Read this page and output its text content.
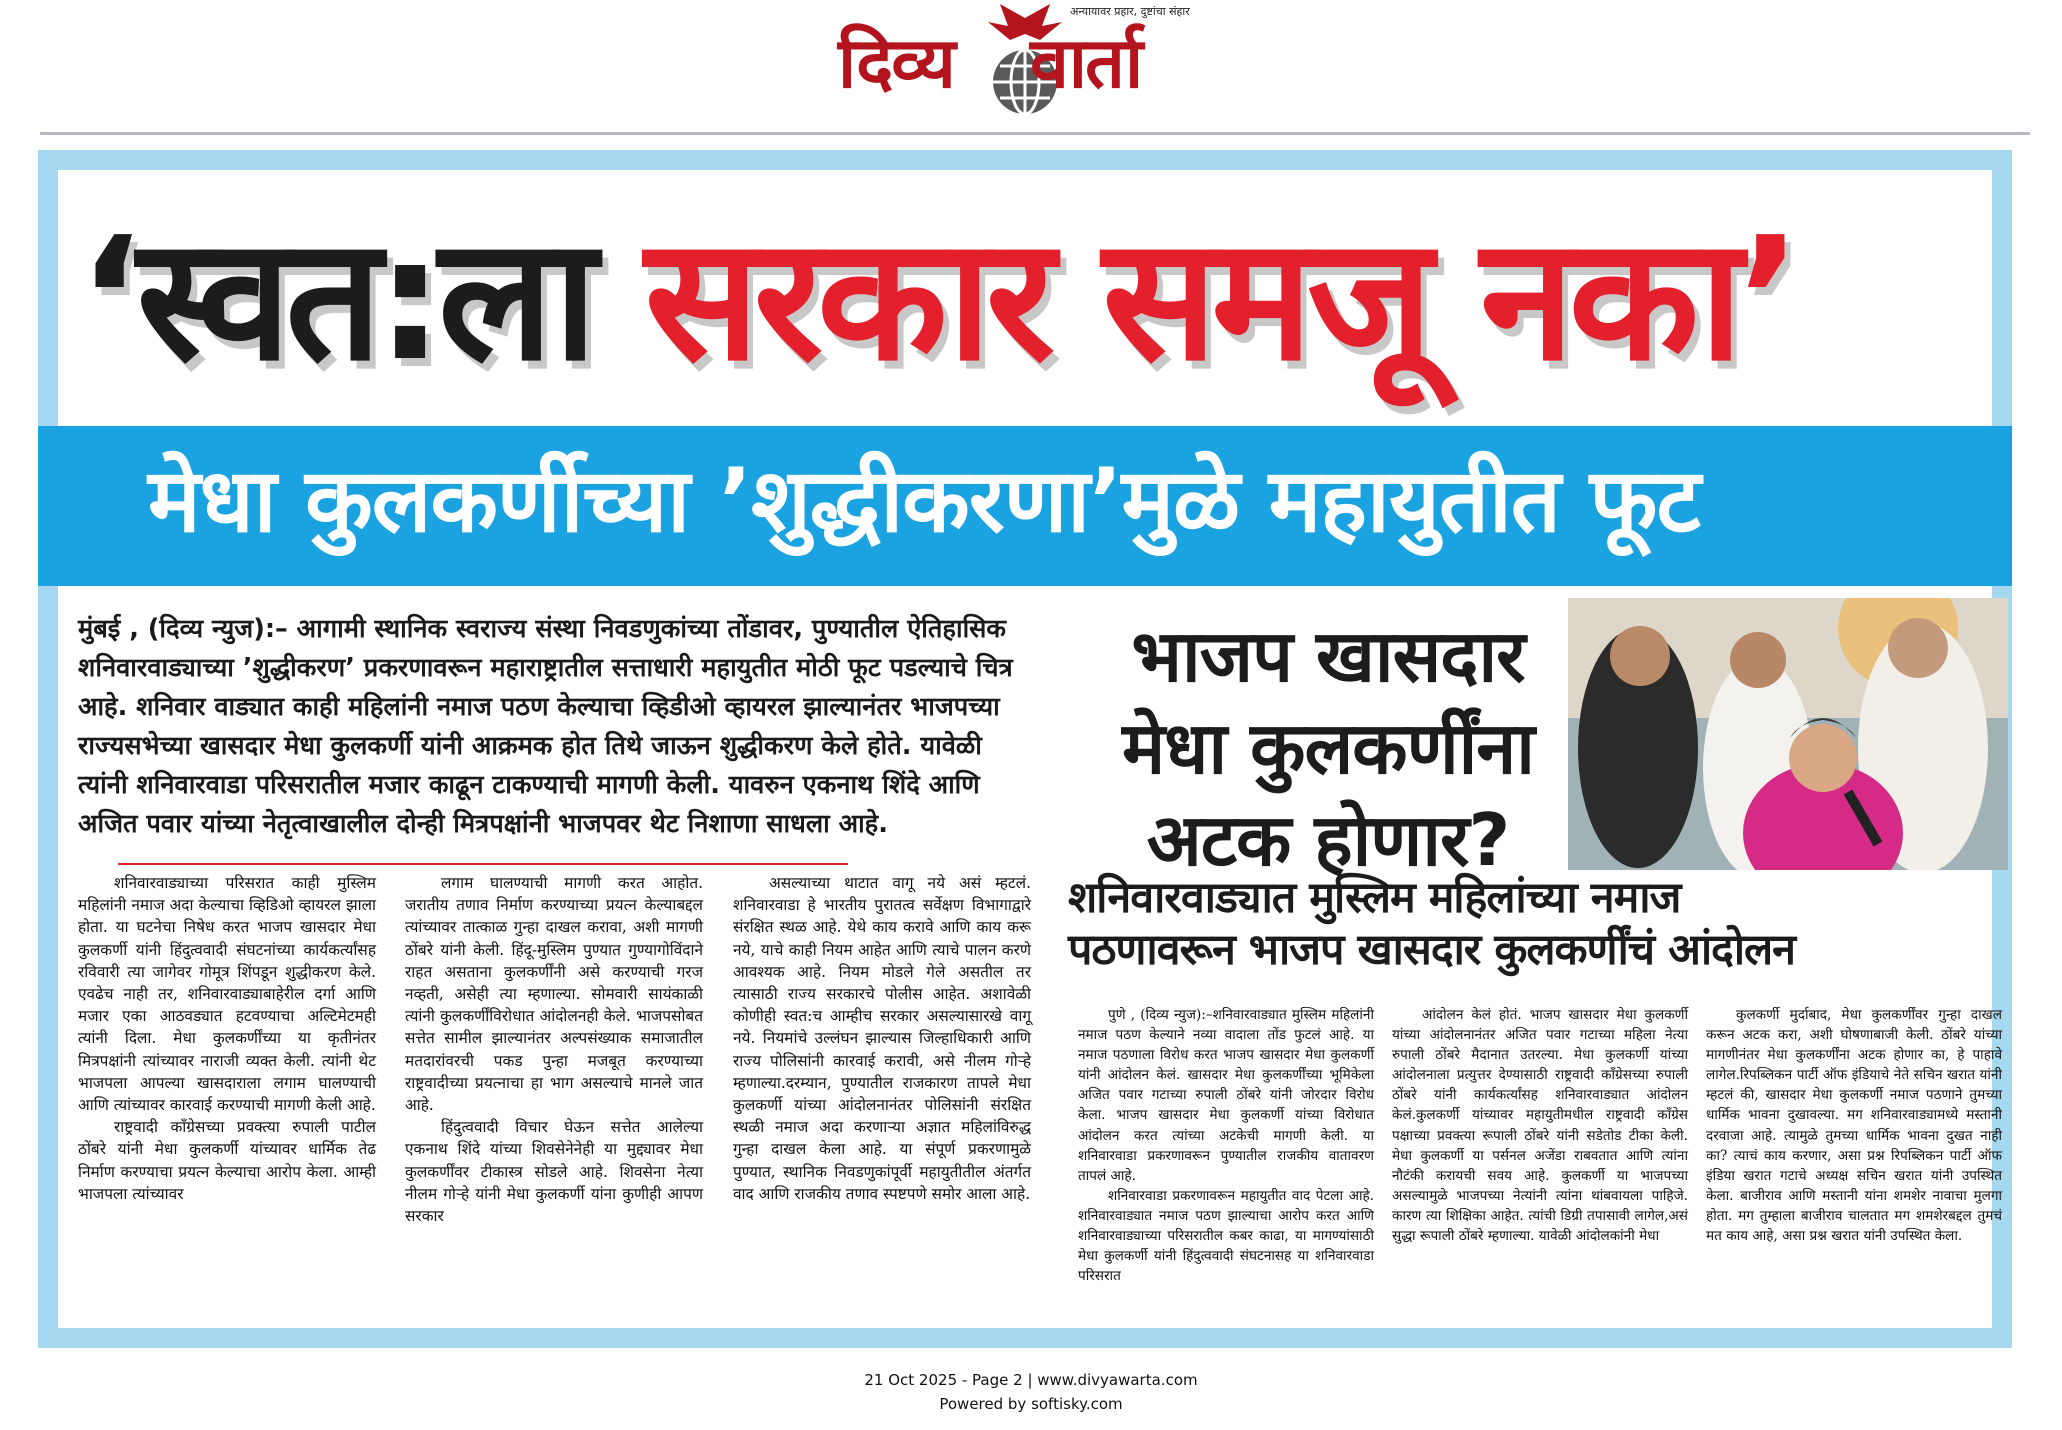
दिव्य वार्ता
अन्यायावर प्रहार, दुष्टांचा संहार
‘स्वत:ला सरकार समजू नका’
मेधा कुलकर्णीच्या ’शुद्धीकरणा’मुळे महायुतीत फूट
मुंबई , (दिव्य न्युज):– आगामी स्थानिक स्वराज्य संस्था निवडणुकांच्या तोंडावर, पुण्यातील ऐतिहासिक शनिवारवाड्याच्या ’शुद्धीकरण’ प्रकरणावरून महाराष्ट्रातील सत्ताधारी महायुतीत मोठी फूट पडल्याचे चित्र आहे. शनिवार वाड्यात काही महिलांनी नमाज पठण केल्याचा व्हिडीओ व्हायरल झाल्यानंतर भाजपच्या राज्यसभेच्या खासदार मेधा कुलकर्णी यांनी आक्रमक होत तिथे जाऊन शुद्धीकरण केले होते. यावेळी त्यांनी शनिवारवाडा परिसरातील मजार काढून टाकण्याची मागणी केली. यावरुन एकनाथ शिंदे आणि अजित पवार यांच्या नेतृत्वाखालील दोन्ही मित्रपक्षांनी भाजपवर थेट निशाणा साधला आहे.

शनिवारवाड्याच्या परिसरात काही मुस्लिम महिलांनी नमाज अदा केल्याचा व्हिडिओ व्हायरल झाला होता. या घटनेचा निषेध करत भाजप खासदार मेधा कुलकर्णी यांनी हिंदुत्ववादी संघटनांच्या कार्यकर्त्यांसह रविवारी त्या जागेवर गोमूत्र शिंपडून शुद्धीकरण केले. एवढेच नाही तर, शनिवारवाड्याबाहेरील दर्गा आणि मजार एका आठवड्यात हटवण्याचा अल्टिमेटमही त्यांनी दिला. मेधा कुलकर्णींच्या या कृतीनंतर मित्रपक्षांनी त्यांच्यावर नाराजी व्यक्त केली. त्यांनी थेट भाजपला आपल्या खासदाराला लगाम घालण्याची आणि त्यांच्यावर कारवाई करण्याची मागणी केली आहे.

राष्ट्रवादी काँग्रेसच्या प्रवक्त्या रुपाली पाटील ठोंबरे यांनी मेधा कुलकर्णी यांच्यावर धार्मिक तेढ निर्माण करण्याचा प्रयत्न केल्याचा आरोप केला. आम्ही भाजपला त्यांच्यावर

लगाम घालण्याची मागणी करत आहोत. जरातीय तणाव निर्माण करण्याच्या प्रयत्न केल्याबद्दल त्यांच्यावर तात्काळ गुन्हा दाखल करावा, अशी मागणी ठोंबरे यांनी केली. हिंदू-मुस्लिम पुण्यात गुण्यागोविंदाने राहत असताना कुलकर्णींनी असे करण्याची गरज नव्हती, असेही त्या म्हणाल्या. सोमवारी सायंकाळी त्यांनी कुलकर्णींविरोधात आंदोलनही केले. भाजपसोबत सत्तेत सामील झाल्यानंतर अल्पसंख्याक समाजातील मतदारांवरची पकड पुन्हा मजबूत करण्याच्या राष्ट्रवादीच्या प्रयत्नाचा हा भाग असल्याचे मानले जात आहे.

हिंदुत्ववादी विचार घेऊन सत्तेत आलेल्या एकनाथ शिंदे यांच्या शिवसेनेनेही या मुद्द्यावर मेधा कुलकर्णींवर टीकास्त्र सोडले आहे. शिवसेना नेत्या नीलम गोऱ्हे यांनी मेधा कुलकर्णी यांना कुणीही आपण सरकार

असल्याच्या थाटात वागू नये असं म्हटलं. शनिवारवाडा हे भारतीय पुरातत्व सर्वेक्षण विभागाद्वारे संरक्षित स्थळ आहे. येथे काय करावे आणि काय करू नये, याचे काही नियम आहेत आणि त्याचे पालन करणे आवश्यक आहे. नियम मोडले गेले असतील तर त्यासाठी राज्य सरकारचे पोलीस आहेत. अशावेळी कोणीही स्वत:च आम्हीच सरकार असल्यासारखे वागू नये. नियमांचे उल्लंघन झाल्यास जिल्हाधिकारी आणि राज्य पोलिसांनी कारवाई करावी, असे नीलम गोऱ्हे म्हणाल्या.दरम्यान, पुण्यातील राजकारण तापले मेधा कुलकर्णी यांच्या आंदोलनानंतर पोलिसांनी संरक्षित स्थळी नमाज अदा करणाऱ्या अज्ञात महिलांविरुद्ध गुन्हा दाखल केला आहे. या संपूर्ण प्रकरणामुळे पुण्यात, स्थानिक निवडणुकांपूर्वी महायुतीतील अंतर्गत वाद आणि राजकीय तणाव स्पष्टपणे समोर आला आहे.

भाजप खासदार मेधा कुलकर्णींना अटक होणार?
शनिवारवाड्यात मुस्लिम महिलांच्या नमाज
पठणावरून भाजप खासदार कुलकर्णींचं आंदोलन

पुणे , (दिव्य न्युज):–शनिवारवाड्यात मुस्लिम महिलांनी नमाज पठण केल्याने नव्या वादाला तोंड फुटलं आहे. या नमाज पठणाला विरोध करत भाजप खासदार मेधा कुलकर्णी यांनी आंदोलन केलं. खासदार मेधा कुलकर्णींच्या भूमिकेला अजित पवार गटाच्या रुपाली ठोंबरे यांनी जोरदार विरोध केला. भाजप खासदार मेधा कुलकर्णी यांच्या विरोधात आंदोलन करत त्यांच्या अटकेची मागणी केली. या शनिवारवाडा प्रकरणावरून पुण्यातील राजकीय वातावरण तापलं आहे.

शनिवारवाडा प्रकरणावरून महायुतीत वाद पेटला आहे. शनिवारवाड्यात नमाज पठण झाल्याचा आरोप करत आणि शनिवारवाड्याच्या परिसरातील कबर काढा, या मागण्यांसाठी मेधा कुलकर्णी यांनी हिंदुत्ववादी संघटनासह या शनिवारवाडा परिसरात

आंदोलन केलं होतं. भाजप खासदार मेधा कुलकर्णी यांच्या आंदोलनानंतर अजित पवार गटाच्या महिला नेत्या रुपाली ठोंबरे मैदानात उतरल्या. मेधा कुलकर्णी यांच्या आंदोलनाला प्रत्युत्तर देण्यासाठी राष्ट्रवादी काँग्रेसच्या रुपाली ठोंबरे यांनी कार्यकर्त्यांसह शनिवारवाड्यात आंदोलन केलं.कुलकर्णी यांच्यावर महायुतीमधील राष्ट्रवादी काँग्रेस पक्षाच्या प्रवक्त्या रूपाली ठोंबरे यांनी सडेतोड टीका केली. मेधा कुलकर्णी या पर्सनल अजेंडा राबवतात आणि त्यांना नौटंकी करायची सवय आहे. कुलकर्णी या भाजपच्या असल्यामुळे भाजपच्या नेत्यांनी त्यांना थांबवायला पाहिजे. कारण त्या शिक्षिका आहेत. त्यांची डिग्री तपासावी लागेल,असं सुद्धा रूपाली ठोंबरे म्हणाल्या. यावेळी आंदोलकांनी मेधा

कुलकर्णी मुर्दाबाद, मेधा कुलकर्णींवर गुन्हा दाखल करून अटक करा, अशी घोषणाबाजी केली. ठोंबरे यांच्या मागणीनंतर मेधा कुलकर्णींना अटक होणार का, हे पाहावे लागेल.रिपब्लिकन पार्टी ऑफ इंडियाचे नेते सचिन खरात यांनी म्हटलं की, खासदार मेधा कुलकर्णी नमाज पठणाने तुमच्या धार्मिक भावना दुखावल्या. मग शनिवारवाड्यामध्ये मस्तानी दरवाजा आहे. त्यामुळे तुमच्या धार्मिक भावना दुखत नाही का? त्याचं काय करणार, असा प्रश्न रिपब्लिकन पार्टी ऑफ इंडिया खरात गटाचे अध्यक्ष सचिन खरात यांनी उपस्थित केला. बाजीराव आणि मस्तानी यांना शमशेर नावाचा मुलगा होता. मग तुम्हाला बाजीराव चालतात मग शमशेरबद्दल तुमचं मत काय आहे, असा प्रश्न खरात यांनी उपस्थित केला.

21 Oct 2025 - Page 2 | www.divyawarta.com
Powered by softisky.com
